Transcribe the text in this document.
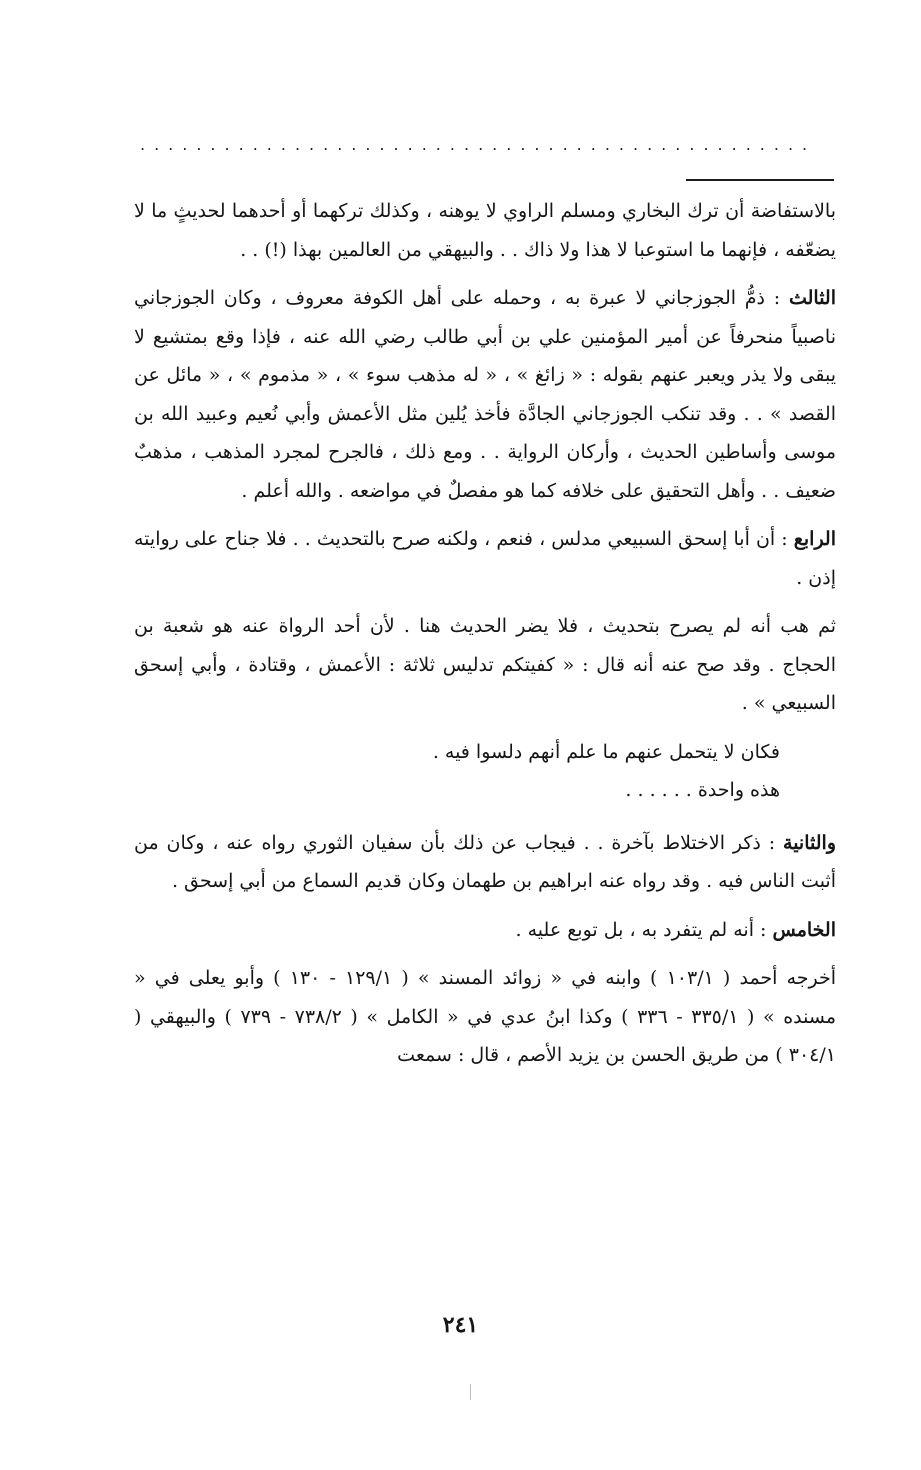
................................................

بالاستفاضة أن ترك البخاري ومسلم الراوي لا يوهنه ، وكذلك تركهما أو أحدهما لحديثٍ ما لا يضعّفه ، فإنهما ما استوعبا لا هذا ولا ذاك . . والبيهقي من العالمين بهذا (!) . .

الثالث : ذمُّ الجوزجاني لا عبرة به ، وحمله على أهل الكوفة معروف ، وكان الجوزجاني ناصبياً منحرفاً عن أمير المؤمنين علي بن أبي طالب رضي الله عنه ، فإذا وقع بمتشيع لا يبقى ولا يذر ويعبر عنهم بقوله : « زائغ » ، « له مذهب سوء » ، « مذموم » ، « مائل عن القصد » . . وقد تنكب الجوزجاني الجادَّة فأخذ يُلين مثل الأعمش وأبي نُعيم وعبيد الله بن موسى وأساطين الحديث ، وأركان الرواية . . ومع ذلك ، فالجرح لمجرد المذهب ، مذهبٌ ضعيف . . وأهل التحقيق على خلافه كما هو مفصلٌ في مواضعه . والله أعلم .

الرابع : أن أبا إسحق السبيعي مدلس ، فنعم ، ولكنه صرح بالتحديث . . فلا جناح على روايته إذن .

ثم هب أنه لم يصرح بتحديث ، فلا يضر الحديث هنا . لأن أحد الرواة عنه هو شعبة بن الحجاج . وقد صح عنه أنه قال : « كفيتكم تدليس ثلاثة : الأعمش ، وقتادة ، وأبي إسحق السبيعي » .

فكان لا يتحمل عنهم ما علم أنهم دلسوا فيه .
هذه واحدة . . . . . .

والثانية : ذكر الاختلاط بآخرة . . فيجاب عن ذلك بأن سفيان الثوري رواه عنه ، وكان من أثبت الناس فيه . وقد رواه عنه ابراهيم بن طهمان وكان قديم السماع من أبي إسحق .

الخامس : أنه لم يتفرد به ، بل توبع عليه .

أخرجه أحمد ( ١٠٣/١ ) وابنه في « زوائد المسند » ( ١٢٩/١ - ١٣٠ ) وأبو يعلى في « مسنده » ( ٣٣٥/١ - ٣٣٦ ) وكذا ابنُ عدي في « الكامل » ( ٧٣٨/٢ - ٧٣٩ ) والبيهقي ( ٣٠٤/١ ) من طريق الحسن بن يزيد الأصم ، قال : سمعت

٢٤١
